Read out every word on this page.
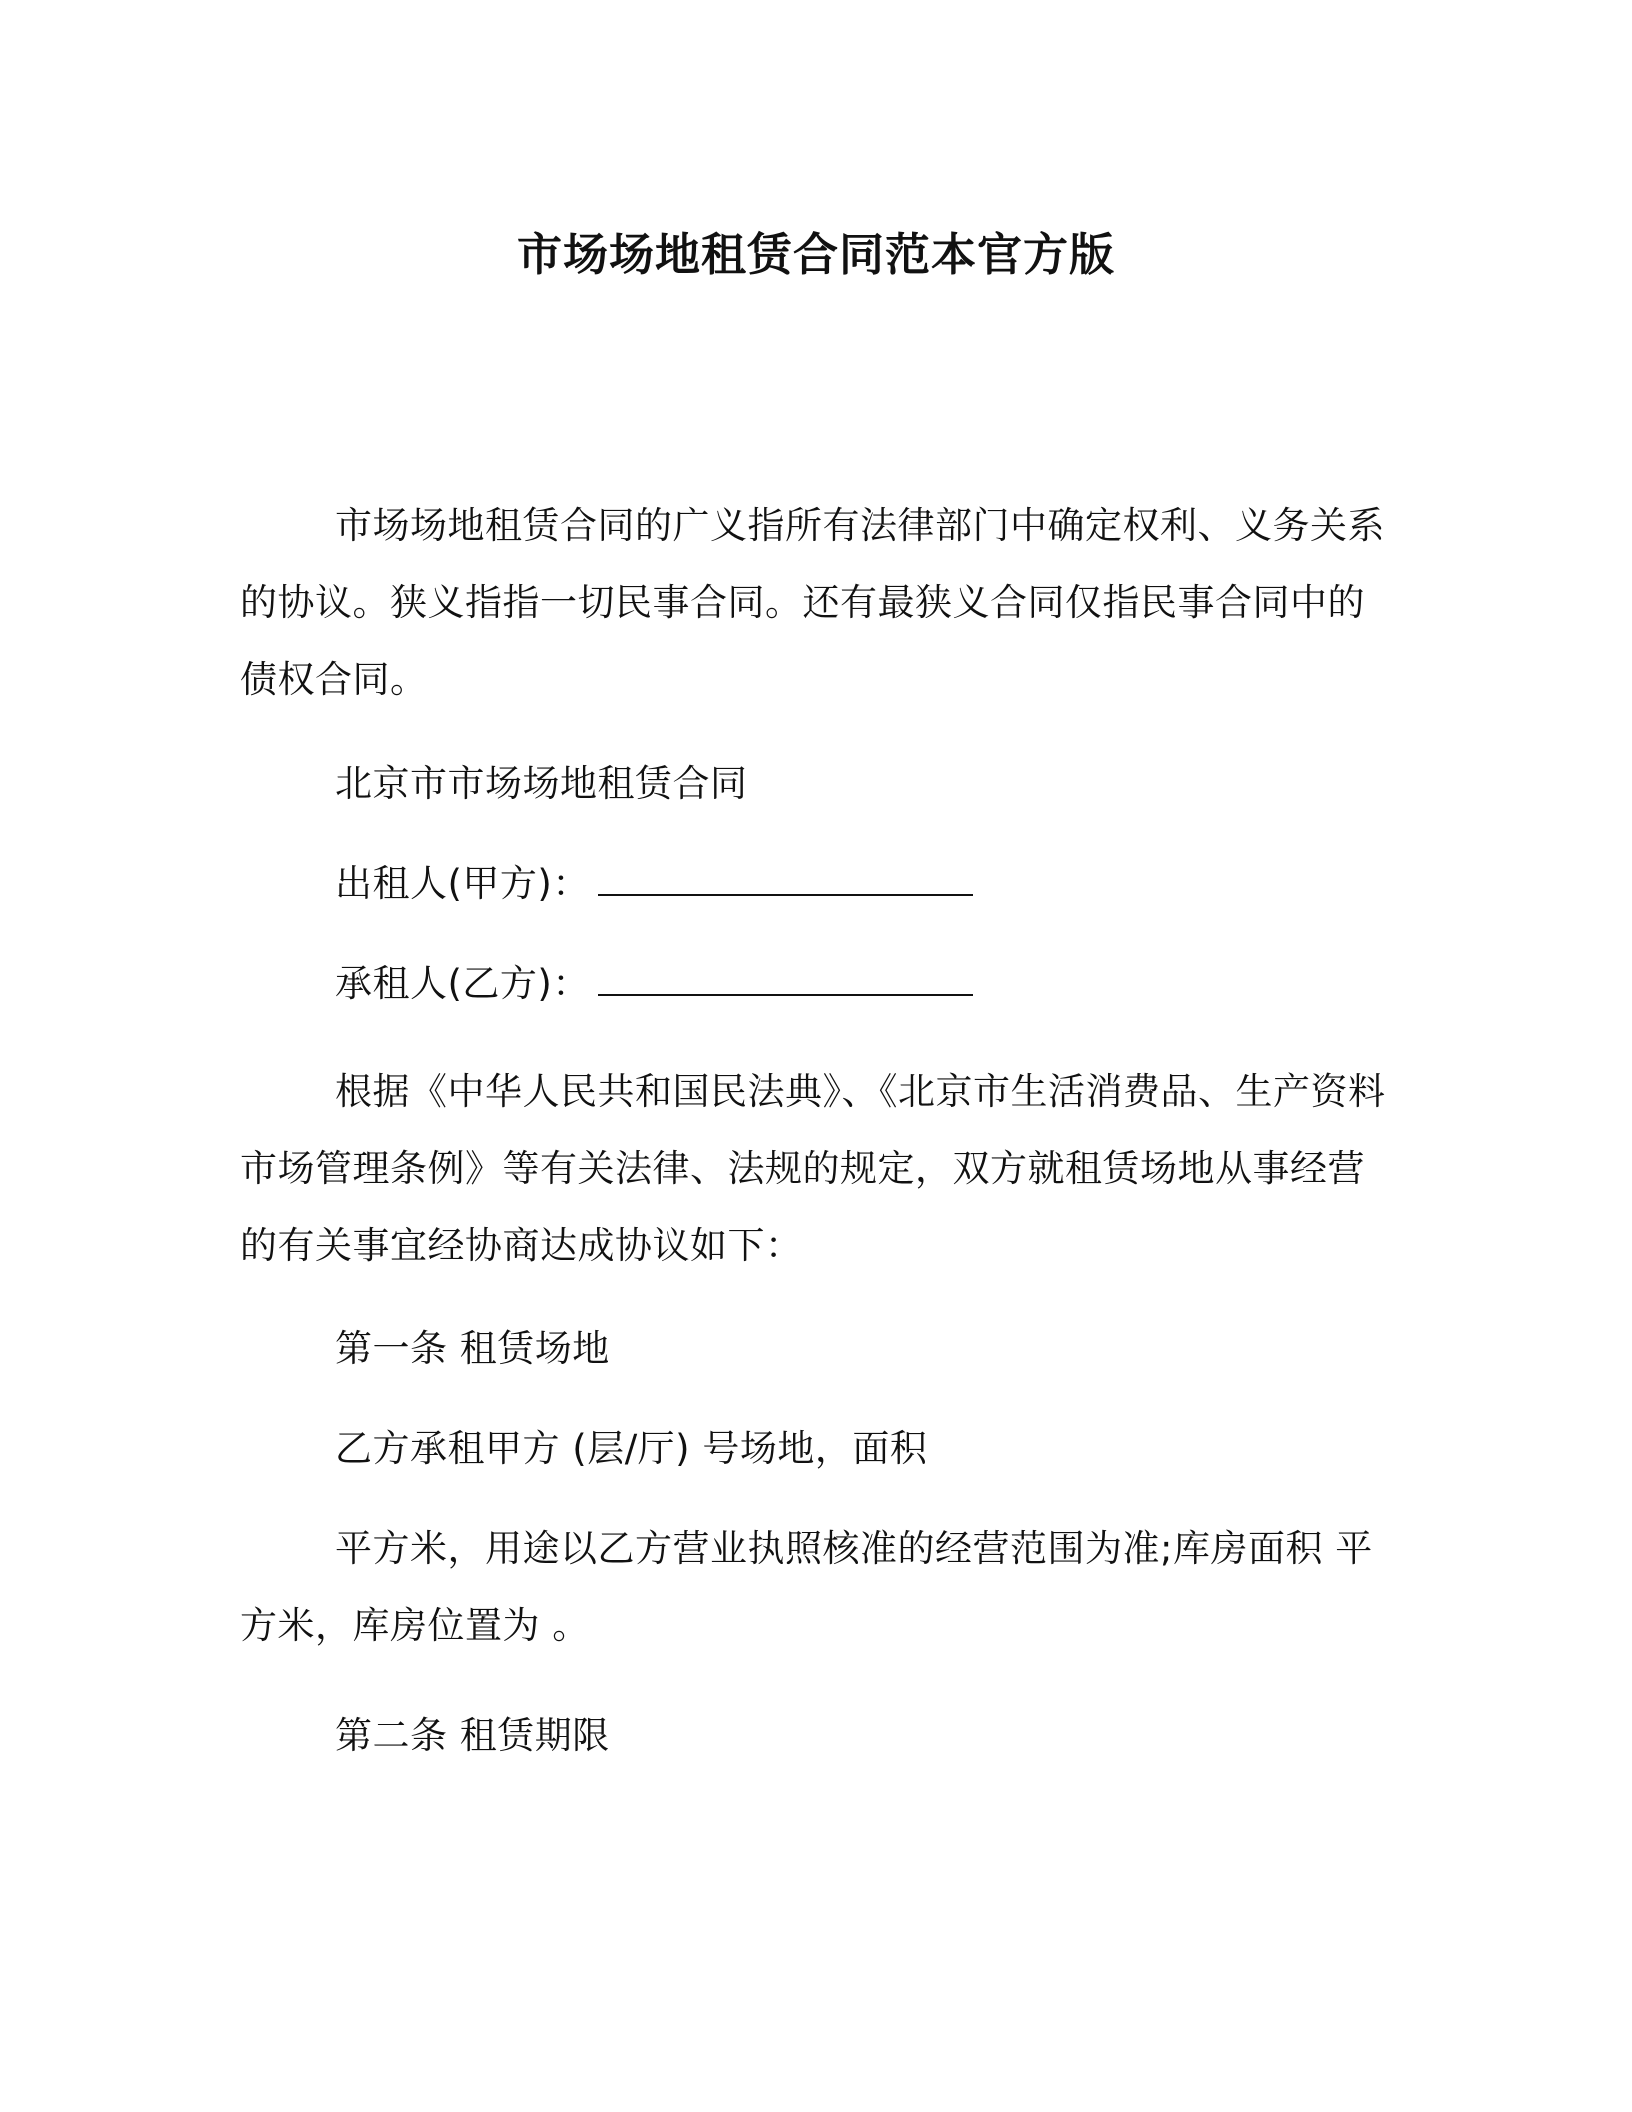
市场场地租赁合同范本官方版

市场场地租赁合同的广义指所有法律部门中确定权利、义务关系的协议。狭义指指一切民事合同。还有最狭义合同仅指民事合同中的债权合同。

北京市市场场地租赁合同

出租人(甲方)：

承租人(乙方)：

根据《中华人民共和国民法典》、《北京市生活消费品、生产资料市场管理条例》等有关法律、法规的规定，双方就租赁场地从事经营的有关事宜经协商达成协议如下：

第一条 租赁场地

乙方承租甲方 (层/厅) 号场地，面积

平方米，用途以乙方营业执照核准的经营范围为准;库房面积 平方米，库房位置为 。

第二条 租赁期限
